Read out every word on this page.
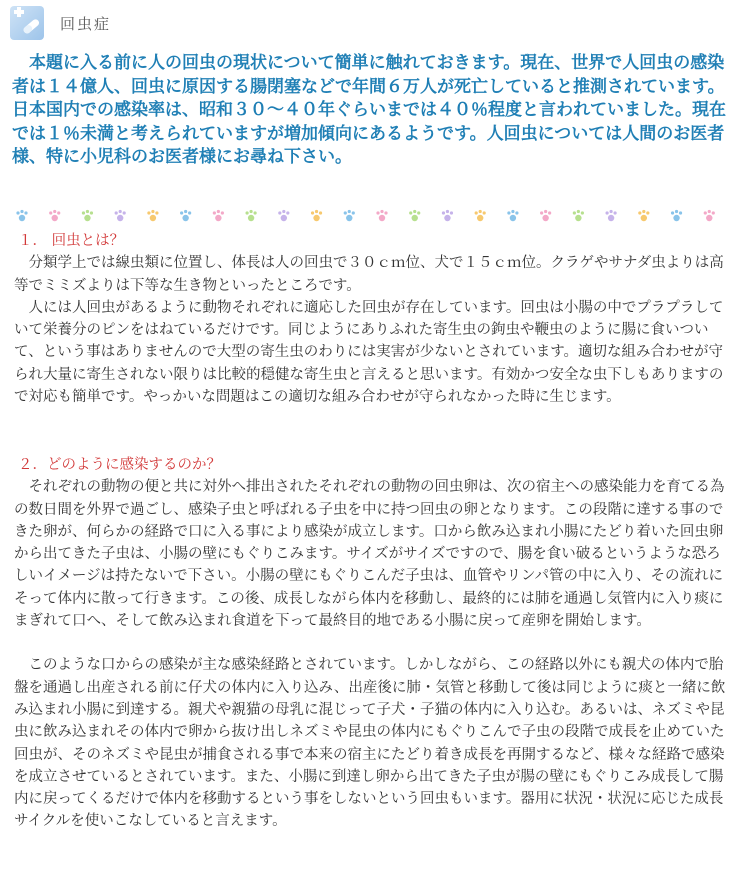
回虫症
本題に入る前に人の回虫の現状について簡単に触れておきます。現在、世界で人回虫の感染者は１４億人、回虫に原因する腸閉塞などで年間６万人が死亡していると推測されています。日本国内での感染率は、昭和３０～４０年ぐらいまでは４０％程度と言われていました。現在では１％未満と考えられていますが増加傾向にあるようです。人回虫については人間のお医者様、特に小児科のお医者様にお尋ね下さい。
１． 回虫とは？

分類学上では線虫類に位置し、体長は人の回虫で３０ｃｍ位、犬で１５ｃｍ位。クラゲやサナダ虫よりは高等でミミズよりは下等な生き物といったところです。

人には人回虫があるように動物それぞれに適応した回虫が存在しています。回虫は小腸の中でプラプラしていて栄養分のピンをはねているだけです。同じようにありふれた寄生虫の鉤虫や鞭虫のように腸に食いついて、という事はありませんので大型の寄生虫のわりには実害が少ないとされています。適切な組み合わせが守られ大量に寄生されない限りは比較的穏健な寄生虫と言えると思います。有効かつ安全な虫下しもありますので対応も簡単です。やっかいな問題はこの適切な組み合わせが守られなかった時に生じます。

２．どのように感染するのか？

それぞれの動物の便と共に対外へ排出されたそれぞれの動物の回虫卵は、次の宿主への感染能力を育てる為の数日間を外界で過ごし、感染子虫と呼ばれる子虫を中に持つ回虫の卵となります。この段階に達する事のできた卵が、何らかの経路で口に入る事により感染が成立します。口から飲み込まれ小腸にたどり着いた回虫卵から出てきた子虫は、小腸の壁にもぐりこみます。サイズがサイズですので、腸を食い破るというような恐ろしいイメージは持たないで下さい。小腸の壁にもぐりこんだ子虫は、血管やリンパ管の中に入り、その流れにそって体内に散って行きます。この後、成長しながら体内を移動し、最終的には肺を通過し気管内に入り痰にまぎれて口へ、そして飲み込まれ食道を下って最終目的地である小腸に戻って産卵を開始します。

このような口からの感染が主な感染経路とされています。しかしながら、この経路以外にも親犬の体内で胎盤を通過し出産される前に仔犬の体内に入り込み、出産後に肺・気管と移動して後は同じように痰と一緒に飲み込まれ小腸に到達する。親犬や親猫の母乳に混じって子犬・子猫の体内に入り込む。あるいは、ネズミや昆虫に飲み込まれその体内で卵から抜け出しネズミや昆虫の体内にもぐりこんで子虫の段階で成長を止めていた回虫が、そのネズミや昆虫が捕食される事で本来の宿主にたどり着き成長を再開するなど、様々な経路で感染を成立させているとされています。また、小腸に到達し卵から出てきた子虫が腸の壁にもぐりこみ成長して腸内に戻ってくるだけで体内を移動するという事をしないという回虫もいます。器用に状況・状況に応じた成長サイクルを使いこなしていると言えます。
